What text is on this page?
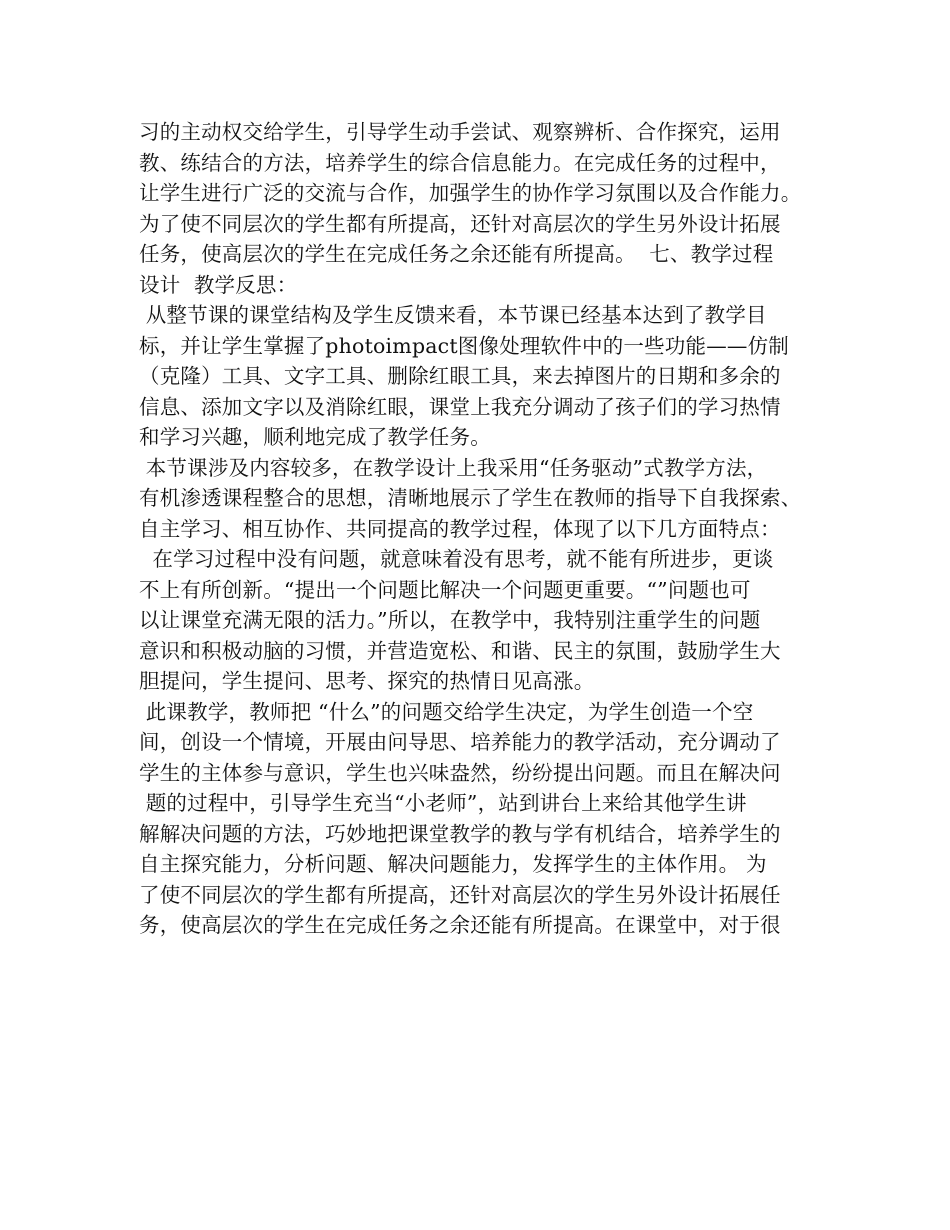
习的主动权交给学生，引导学生动手尝试、观察辨析、合作探究，运用
教、练结合的方法，培养学生的综合信息能力。在完成任务的过程中，
让学生进行广泛的交流与合作，加强学生的协作学习氛围以及合作能力。
为了使不同层次的学生都有所提高，还针对高层次的学生另外设计拓展
任务，使高层次的学生在完成任务之余还能有所提高。  七、教学过程
设计  教学反思：
从整节课的课堂结构及学生反馈来看，本节课已经基本达到了教学目
标，并让学生掌握了photoimpact图像处理软件中的一些功能——仿制
（克隆）工具、文字工具、删除红眼工具，来去掉图片的日期和多余的
信息、添加文字以及消除红眼，课堂上我充分调动了孩子们的学习热情
和学习兴趣，顺利地完成了教学任务。
本节课涉及内容较多，在教学设计上我采用“任务驱动”式教学方法，
有机渗透课程整合的思想，清晰地展示了学生在教师的指导下自我探索、
自主学习、相互协作、共同提高的教学过程，体现了以下几方面特点：
在学习过程中没有问题，就意味着没有思考，就不能有所进步，更谈
不上有所创新。“提出一个问题比解决一个问题更重要。“”问题也可
以让课堂充满无限的活力。”所以，在教学中，我特别注重学生的问题
意识和积极动脑的习惯，并营造宽松、和谐、民主的氛围，鼓励学生大
胆提问，学生提问、思考、探究的热情日见高涨。
此课教学，教师把 “什么”的问题交给学生决定，为学生创造一个空
间，创设一个情境，开展由问导思、培养能力的教学活动，充分调动了
学生的主体参与意识，学生也兴味盎然，纷纷提出问题。而且在解决问
题的过程中，引导学生充当“小老师”，站到讲台上来给其他学生讲
解解决问题的方法，巧妙地把课堂教学的教与学有机结合，培养学生的
自主探究能力，分析问题、解决问题能力，发挥学生的主体作用。 为
了使不同层次的学生都有所提高，还针对高层次的学生另外设计拓展任
务，使高层次的学生在完成任务之余还能有所提高。在课堂中，对于很
